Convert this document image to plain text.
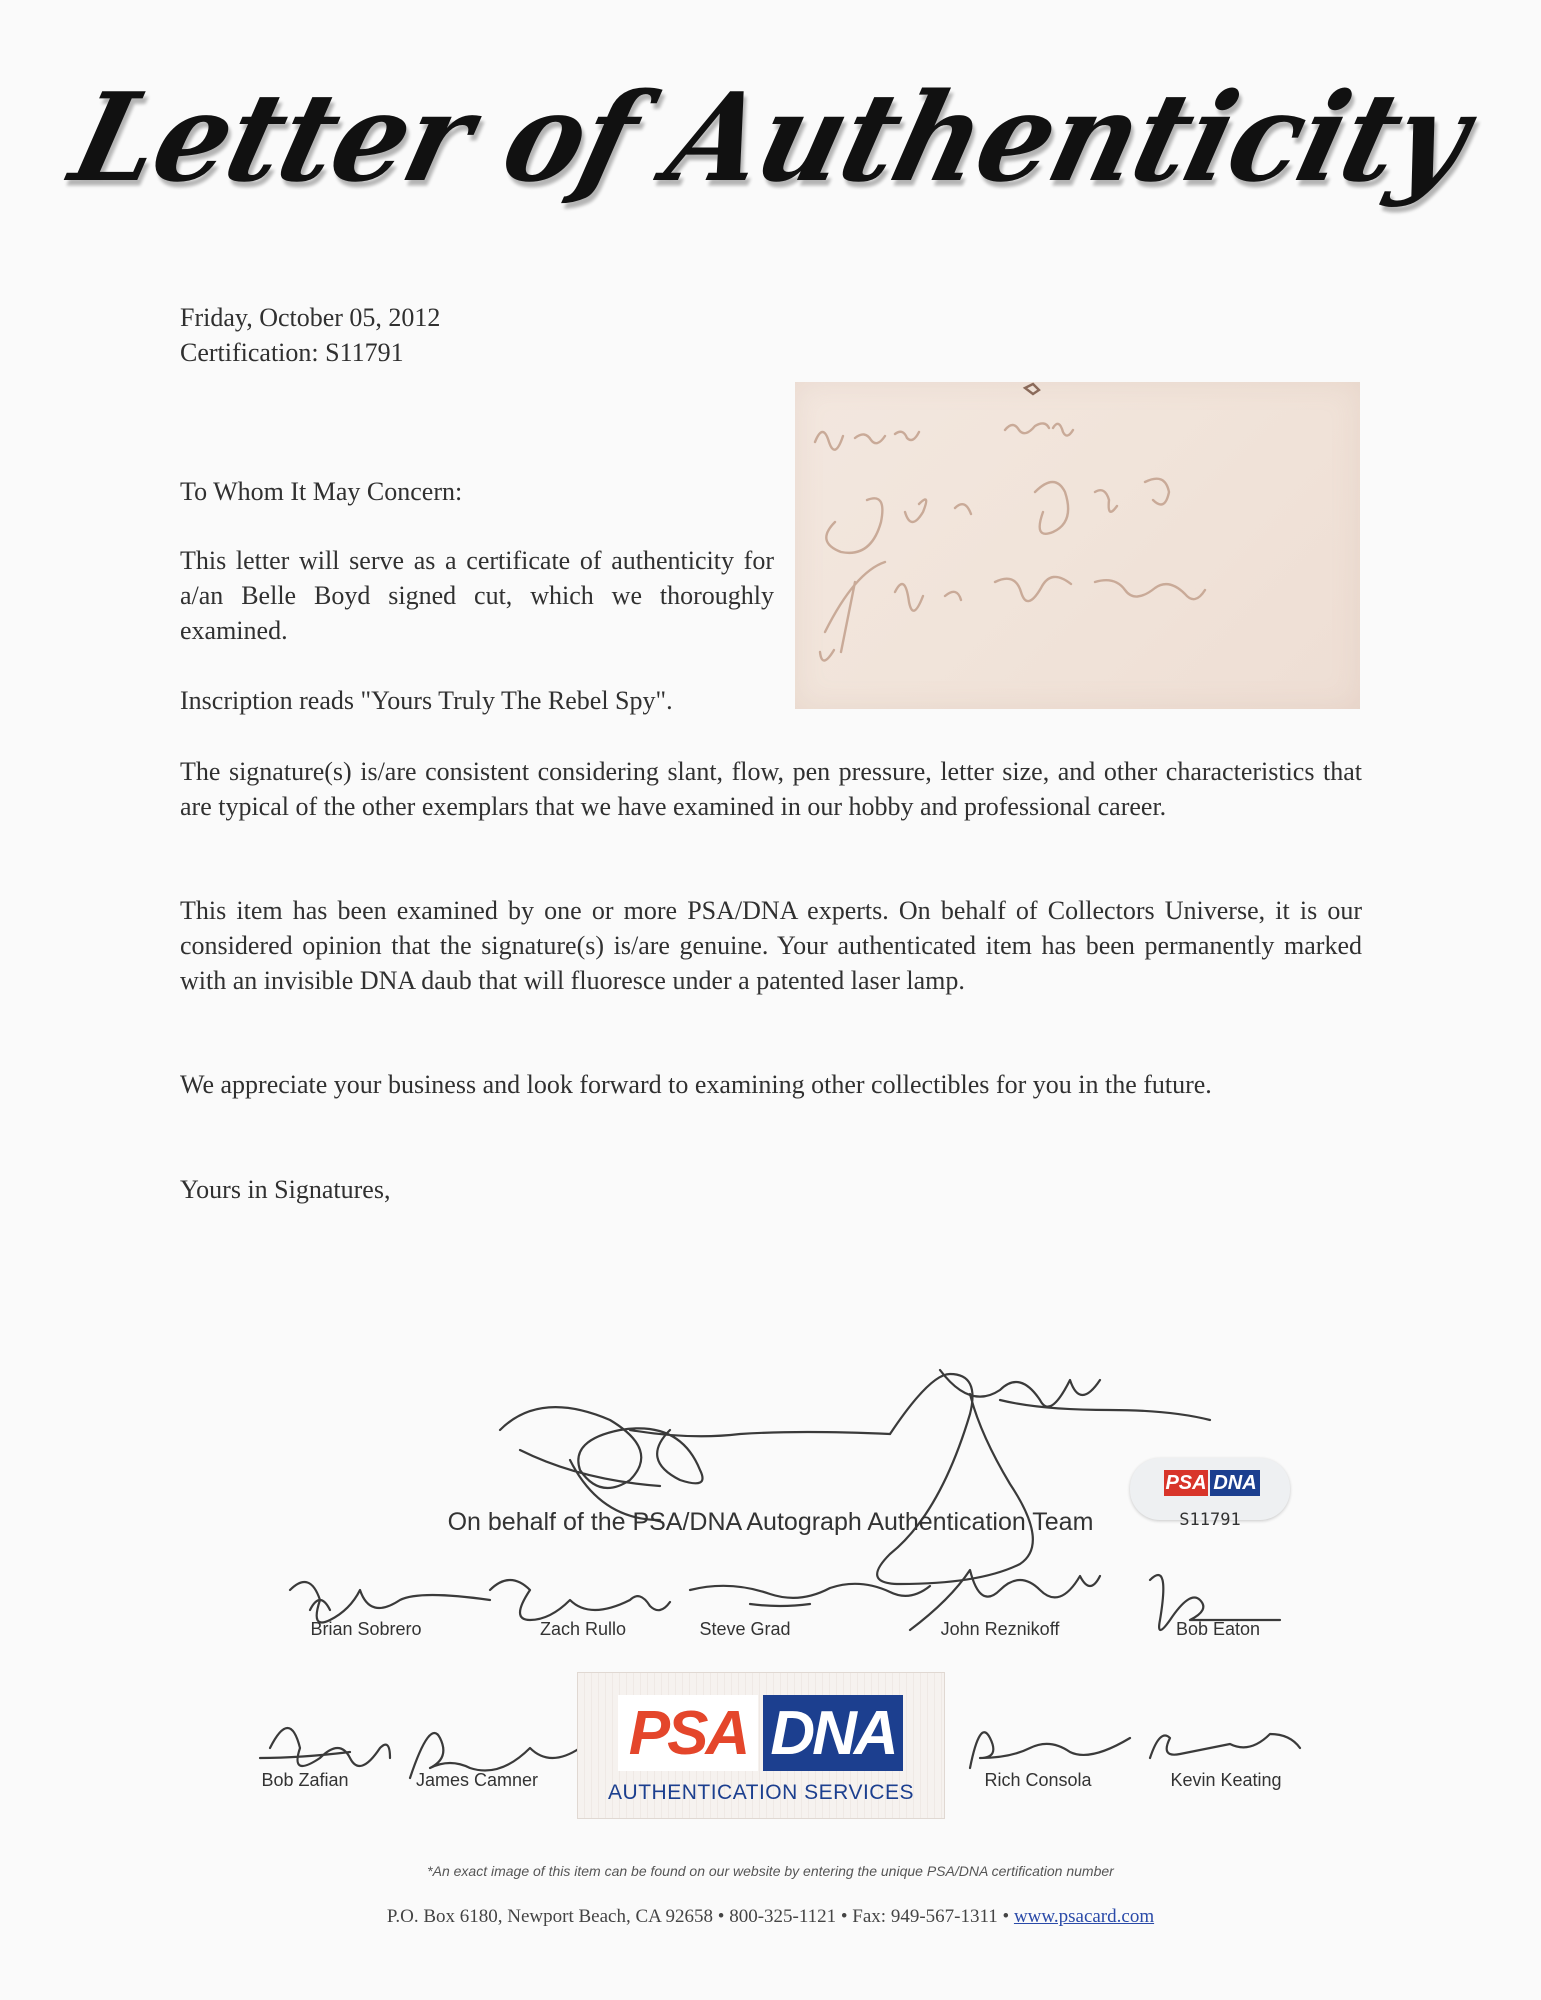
Letter of Authenticity
Friday, October 05, 2012
Certification: S11791
To Whom It May Concern:
This letter will serve as a certificate of authenticity for a/an Belle Boyd signed cut, which we thoroughly examined.
Inscription reads "Yours Truly The Rebel Spy".
The signature(s) is/are consistent considering slant, flow, pen pressure, letter size, and other characteristics that are typical of the other exemplars that we have examined in our hobby and professional career.
This item has been examined by one or more PSA/DNA experts. On behalf of Collectors Universe, it is our considered opinion that the signature(s) is/are genuine. Your authenticated item has been permanently marked with an invisible DNA daub that will fluoresce under a patented laser lamp.
We appreciate your business and look forward to examining other collectibles for you in the future.
Yours in Signatures,
On behalf of the PSA/DNA Autograph Authentication Team
PSA DNA
S11791
Brian Sobrero	Zach Rullo	Steve Grad	John Reznikoff	Bob Eaton
Bob Zafian	James Camner	Rich Consola	Kevin Keating
PSA DNA
AUTHENTICATION SERVICES
*An exact image of this item can be found on our website by entering the unique PSA/DNA certification number
P.O. Box 6180, Newport Beach, CA 92658 • 800-325-1121 • Fax: 949-567-1311 • www.psacard.com
